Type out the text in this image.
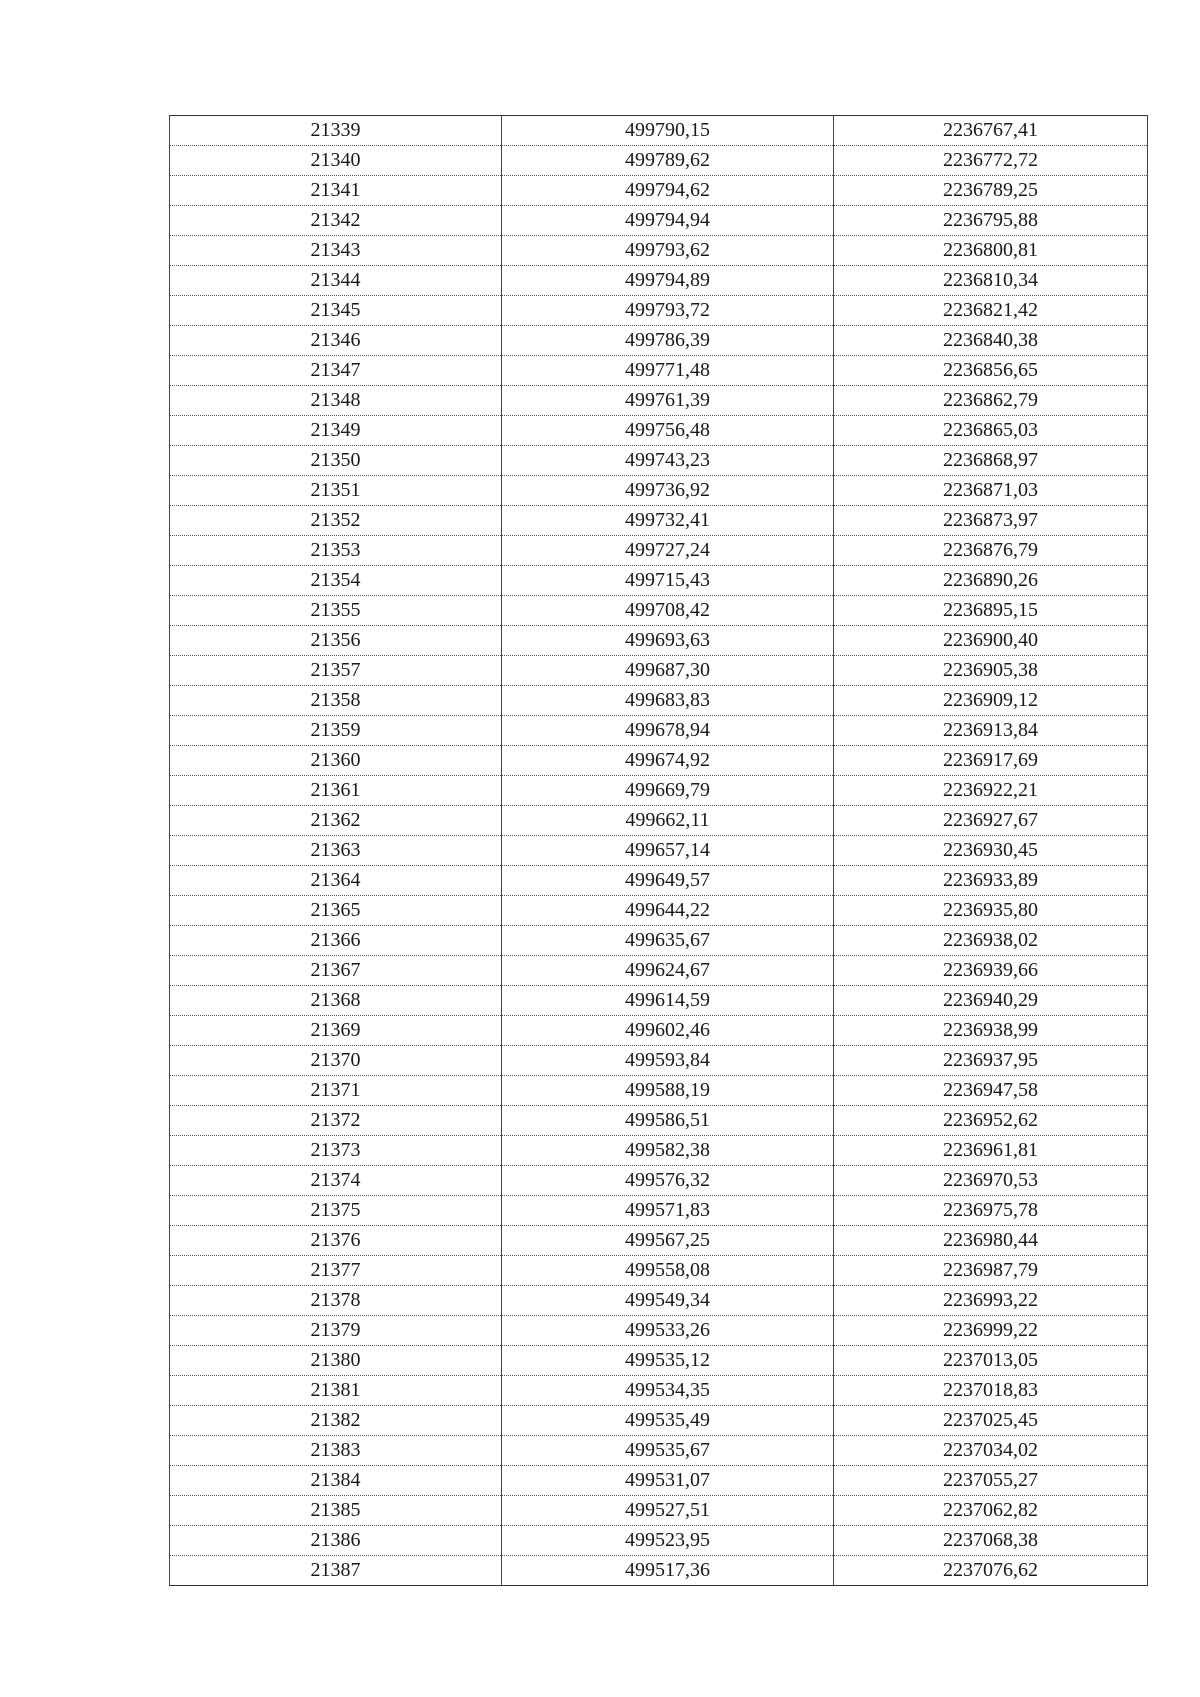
21339	499790,15	2236767,41
21340	499789,62	2236772,72
21341	499794,62	2236789,25
21342	499794,94	2236795,88
21343	499793,62	2236800,81
21344	499794,89	2236810,34
21345	499793,72	2236821,42
21346	499786,39	2236840,38
21347	499771,48	2236856,65
21348	499761,39	2236862,79
21349	499756,48	2236865,03
21350	499743,23	2236868,97
21351	499736,92	2236871,03
21352	499732,41	2236873,97
21353	499727,24	2236876,79
21354	499715,43	2236890,26
21355	499708,42	2236895,15
21356	499693,63	2236900,40
21357	499687,30	2236905,38
21358	499683,83	2236909,12
21359	499678,94	2236913,84
21360	499674,92	2236917,69
21361	499669,79	2236922,21
21362	499662,11	2236927,67
21363	499657,14	2236930,45
21364	499649,57	2236933,89
21365	499644,22	2236935,80
21366	499635,67	2236938,02
21367	499624,67	2236939,66
21368	499614,59	2236940,29
21369	499602,46	2236938,99
21370	499593,84	2236937,95
21371	499588,19	2236947,58
21372	499586,51	2236952,62
21373	499582,38	2236961,81
21374	499576,32	2236970,53
21375	499571,83	2236975,78
21376	499567,25	2236980,44
21377	499558,08	2236987,79
21378	499549,34	2236993,22
21379	499533,26	2236999,22
21380	499535,12	2237013,05
21381	499534,35	2237018,83
21382	499535,49	2237025,45
21383	499535,67	2237034,02
21384	499531,07	2237055,27
21385	499527,51	2237062,82
21386	499523,95	2237068,38
21387	499517,36	2237076,62
